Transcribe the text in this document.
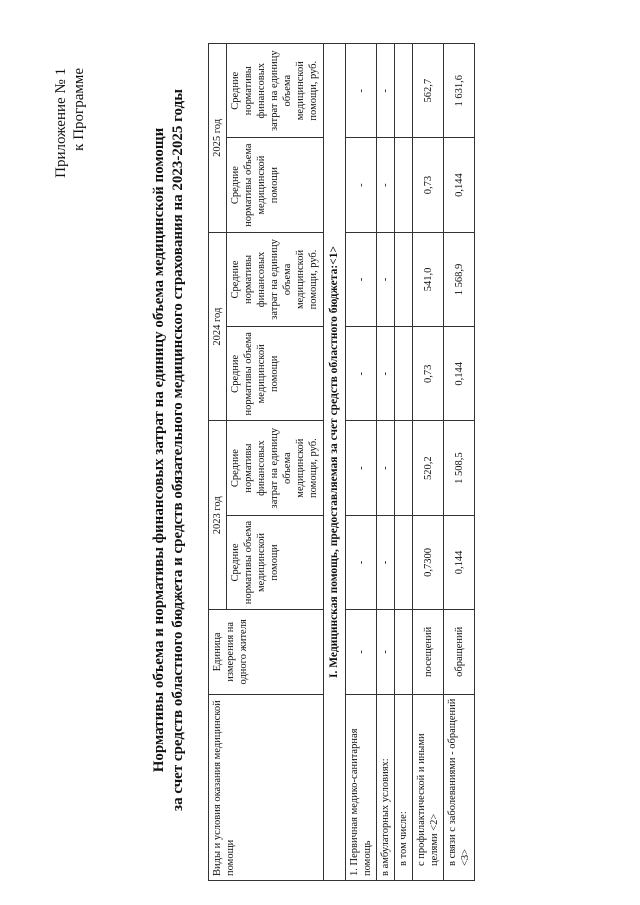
Приложение № 1 к Программе
Нормативы объема и нормативы финансовых затрат на единицу объема медицинской помощи за счет средств областного бюджета и средств обязательного медицинского страхования на 2023-2025 годы Виды и условия оказания медицинской помощи	Единица измерения на одного жителя	2023 год		2024 год		2025 год	
		Средние нормативы объема медицинской помощи	Средние нормативы финансовых затрат на единицу объема медицинской помощи, руб.	Средние нормативы объема медицинской помощи	Средние нормативы финансовых затрат на единицу объема медицинской помощи, руб.	Средние нормативы объема медицинской помощи	Средние нормативы финансовых затрат на единицу объема медицинской помощи, руб.
I. Медицинская помощь, предоставляемая за счет средств областного бюджета:<1>							
1. Первичная медико-санитарная помощь	-	-	-	-	-	-	-
в амбулаторных условиях:	-	-	-	-	-	-	-
в том числе:							
с профилактической и иными целями <2>	посещений	0,7300	520,2	0,73	541,0	0,73	562,7
в связи с заболеваниями - обращений <3>	обращений	0,144	1 508,5	0,144	1 568,9	0,144	1 631,6
